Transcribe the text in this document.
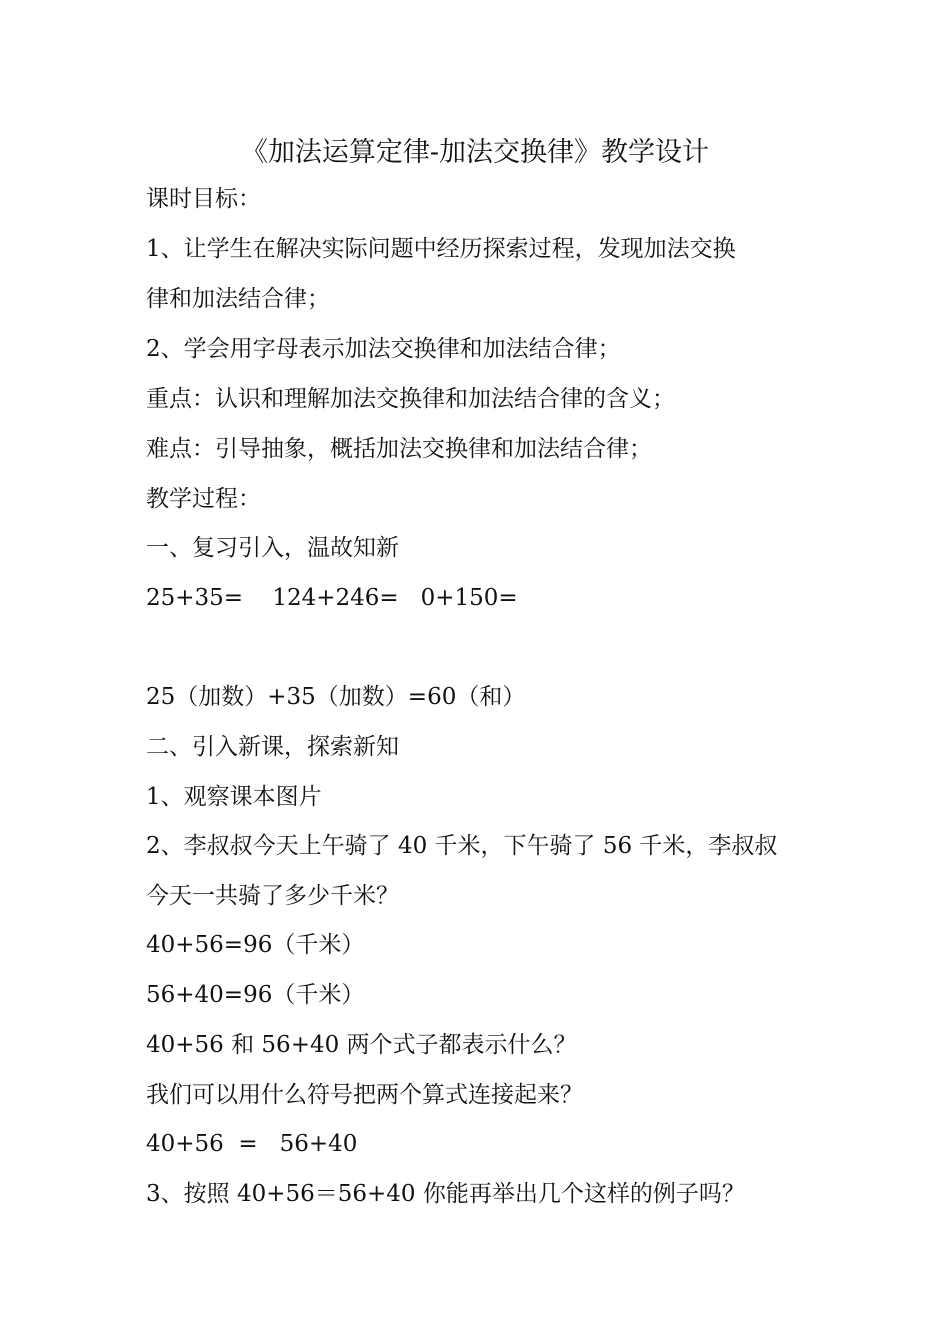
《加法运算定律-加法交换律》教学设计
课时目标：
1、让学生在解决实际问题中经历探索过程，发现加法交换
律和加法结合律；
2、学会用字母表示加法交换律和加法结合律；
重点：认识和理解加法交换律和加法结合律的含义；
难点：引导抽象，概括加法交换律和加法结合律；
教学过程：
一、复习引入，温故知新
25+35=    124+246=   0+150=
25（加数）+35（加数）=60（和）
二、引入新课，探索新知
1、观察课本图片
2、李叔叔今天上午骑了 40 千米，下午骑了 56 千米，李叔叔
今天一共骑了多少千米？
40+56=96（千米）
56+40=96（千米）
40+56 和 56+40 两个式子都表示什么？
我们可以用什么符号把两个算式连接起来？
40+56  =   56+40
3、按照 40+56＝56+40 你能再举出几个这样的例子吗？
